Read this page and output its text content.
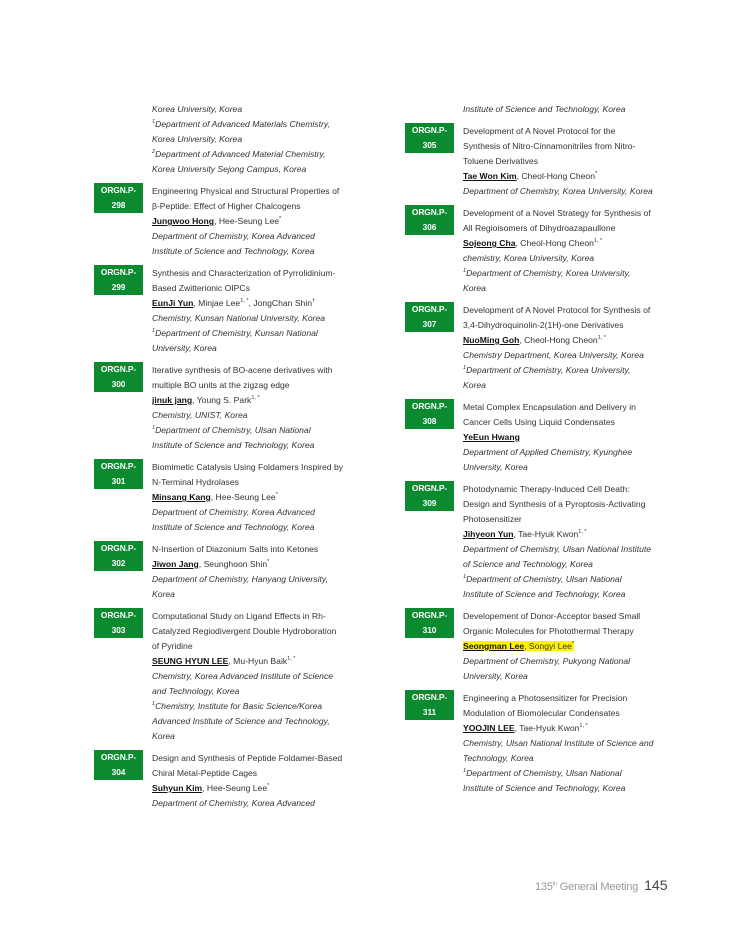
Korea University, Korea
$^1$Department of Advanced Materials Chemistry,
Korea University, Korea
$^2$Department of Advanced Material Chemistry,
Korea University Sejong Campus, Korea
ORGN.P-298
Engineering Physical and Structural Properties of
β-Peptide: Effect of Higher Chalcogens
Jungwoo Hong, Hee-Seung Lee*
Department of Chemistry, Korea Advanced
Institute of Science and Technology, Korea
ORGN.P-299
Synthesis and Characterization of Pyrrolidinium-
Based Zwitterionic OIPCs
EunJi Yun, Minjae Lee$^{1, *}$, JongChan Shin†
Chemistry, Kunsan National University, Korea
$^1$Department of Chemistry, Kunsan National
University, Korea
ORGN.P-300
Iterative synthesis of BO-acene derivatives with
multiple BO units at the zigzag edge
jinuk jang, Young S. Park$^{1, *}$
Chemistry, UNIST, Korea
$^1$Department of Chemistry, Ulsan National
Institute of Science and Technology, Korea
ORGN.P-301
Biomimetic Catalysis Using Foldamers Inspired by
N-Terminal Hydrolases
Minsang Kang, Hee-Seung Lee*
Department of Chemistry, Korea Advanced
Institute of Science and Technology, Korea
ORGN.P-302
N-Insertion of Diazonium Salts into Ketones
Jiwon Jang, Seunghoon Shin*
Department of Chemistry, Hanyang University,
Korea
ORGN.P-303
Computational Study on Ligand Effects in Rh-
Catalyzed Regiodivergent Double Hydroboration
of Pyridine
SEUNG HYUN LEE, Mu-Hyun Baik$^{1, *}$
Chemistry, Korea Advanced Institute of Science
and Technology, Korea
$^1$Chemistry, Institute for Basic Science/Korea
Advanced Institute of Science and Technology,
Korea
ORGN.P-304
Design and Synthesis of Peptide Foldamer-Based
Chiral Metal-Peptide Cages
Suhyun Kim, Hee-Seung Lee*
Department of Chemistry, Korea Advanced
Institute of Science and Technology, Korea
ORGN.P-305
Development of A Novel Protocol for the
Synthesis of Nitro-Cinnamonitriles from Nitro-
Toluene Derivatives
Tae Won Kim, Cheol-Hong Cheon*
Department of Chemistry, Korea University, Korea
ORGN.P-306
Development of a Novel Strategy for Synthesis of
All Regioisomers of Dihydroazapaullone
Sojeong Cha, Cheol-Hong Cheon$^{1, *}$
chemistry, Korea University, Korea
$^1$Department of Chemistry, Korea University,
Korea
ORGN.P-307
Development of A Novel Protocol for Synthesis of
3,4-Dihydroquinolin-2(1H)-one Derivatives
NuoMing Goh, Cheol-Hong Cheon$^{1, *}$
Chemistry Department, Korea University, Korea
$^1$Department of Chemistry, Korea University,
Korea
ORGN.P-308
Metal Complex Encapsulation and Delivery in
Cancer Cells Using Liquid Condensates
YeEun Hwang
Department of Applied Chemistry, Kyunghee
University, Korea
ORGN.P-309
Photodynamic Therapy-Induced Cell Death:
Design and Synthesis of a Pyroptosis-Activating
Photosensitizer
Jihyeon Yun, Tae-Hyuk Kwon$^{1, *}$
Department of Chemistry, Ulsan National Institute
of Science and Technology, Korea
$^1$Department of Chemistry, Ulsan National
Institute of Science and Technology, Korea
ORGN.P-310
Developement of Donor-Acceptor based Small
Organic Molecules for Photothermal Therapy
Seongman Lee, Songyi Lee*
Department of Chemistry, Pukyong National
University, Korea
ORGN.P-311
Engineering a Photosensitizer for Precision
Modulation of Biomolecular Condensates
YOOJIN LEE, Tae-Hyuk Kwon$^{1, *}$
Chemistry, Ulsan National Institute of Science and
Technology, Korea
$^1$Department of Chemistry, Ulsan National
Institute of Science and Technology, Korea
135th General Meeting 145
